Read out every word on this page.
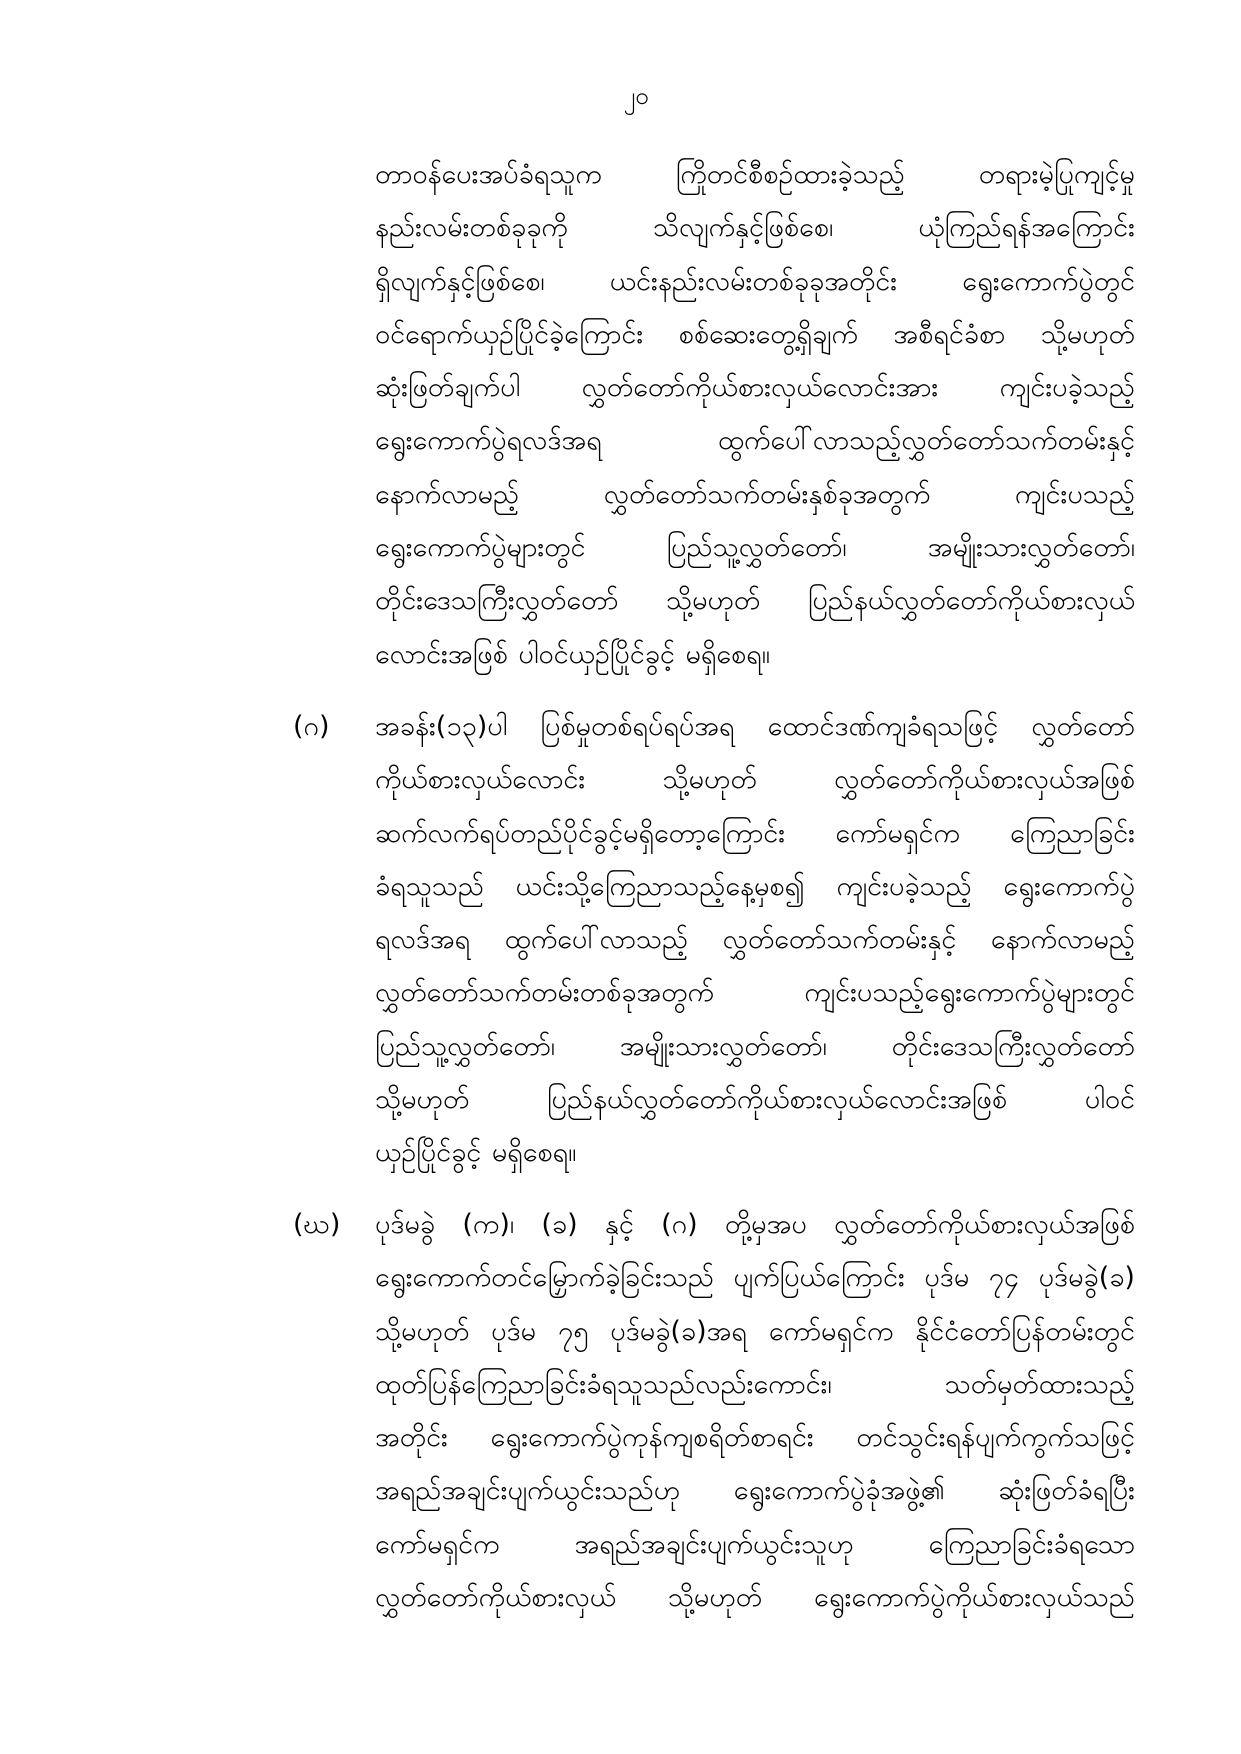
၂၀
တာဝန်ပေးအပ်ခံရသူက	ကြိုတင်စီစဉ်ထားခဲ့သည့်	တရားမဲ့ပြုကျင့်မှု
နည်းလမ်းတစ်ခုခုကို	သိလျက်နှင့်ဖြစ်စေ၊	ယုံကြည်ရန်အကြောင်း
ရှိလျက်နှင့်ဖြစ်စေ၊ ယင်းနည်းလမ်းတစ်ခုခုအတိုင်း ရွေးကောက်ပွဲတွင်
ဝင်ရောက်ယှဉ်ပြိုင်ခဲ့ကြောင်း စစ်ဆေးတွေ့ရှိချက် အစီရင်ခံစာ သို့မဟုတ်
ဆုံးဖြတ်ချက်ပါ လွှတ်တော်ကိုယ်စားလှယ်လောင်းအား ကျင်းပခဲ့သည့်
ရွေးကောက်ပွဲရလဒ်အရ	ထွက်ပေါ်လာသည့်လွှတ်တော်သက်တမ်းနှင့်
နောက်လာမည့်	လွှတ်တော်သက်တမ်းနှစ်ခုအတွက်	ကျင်းပသည့်
ရွေးကောက်ပွဲများတွင်	ပြည်သူ့လွှတ်တော်၊	အမျိုးသားလွှတ်တော်၊
တိုင်းဒေသကြီးလွှတ်တော် သို့မဟုတ် ပြည်နယ်လွှတ်တော်ကိုယ်စားလှယ်
လောင်းအဖြစ် ပါဝင်ယှဉ်ပြိုင်ခွင့် မရှိစေရ။
(ဂ) အခန်း(၁၃)ပါ ပြစ်မှုတစ်ရပ်ရပ်အရ ထောင်ဒဏ်ကျခံရသဖြင့် လွှတ်တော်
ကိုယ်စားလှယ်လောင်း	သို့မဟုတ်	လွှတ်တော်ကိုယ်စားလှယ်အဖြစ်
ဆက်လက်ရပ်တည်ပိုင်ခွင့်မရှိတော့ကြောင်း ကော်မရှင်က ကြေညာခြင်း
ခံရသူသည် ယင်းသို့ကြေညာသည့်နေ့မှစ၍ ကျင်းပခဲ့သည့် ရွေးကောက်ပွဲ
ရလဒ်အရ ထွက်ပေါ်လာသည့် လွှတ်တော်သက်တမ်းနှင့် နောက်လာမည့်
လွှတ်တော်သက်တမ်းတစ်ခုအတွက်	ကျင်းပသည့်ရွေးကောက်ပွဲများတွင်
ပြည်သူ့လွှတ်တော်၊ အမျိုးသားလွှတ်တော်၊ တိုင်းဒေသကြီးလွှတ်တော်
သို့မဟုတ်	ပြည်နယ်လွှတ်တော်ကိုယ်စားလှယ်လောင်းအဖြစ်	ပါဝင်
ယှဉ်ပြိုင်ခွင့် မရှိစေရ။
(ဃ) ပုဒ်မခွဲ (က)၊ (ခ) နှင့် (ဂ) တို့မှအပ လွှတ်တော်ကိုယ်စားလှယ်အဖြစ်
ရွေးကောက်တင်မြှောက်ခဲ့ခြင်းသည် ပျက်ပြယ်ကြောင်း ပုဒ်မ ၇၄ ပုဒ်မခွဲ(ခ)
သို့မဟုတ် ပုဒ်မ ၇၅ ပုဒ်မခွဲ(ခ)အရ ကော်မရှင်က နိုင်ငံတော်ပြန်တမ်းတွင်
ထုတ်ပြန်ကြေညာခြင်းခံရသူသည်လည်းကောင်း၊	သတ်မှတ်ထားသည့်
အတိုင်း ရွေးကောက်ပွဲကုန်ကျစရိတ်စာရင်း တင်သွင်းရန်ပျက်ကွက်သဖြင့်
အရည်အချင်းပျက်ယွင်းသည်ဟု ရွေးကောက်ပွဲခုံအဖွဲ့၏ ဆုံးဖြတ်ခံရပြီး
ကော်မရှင်က	အရည်အချင်းပျက်ယွင်းသူဟု	ကြေညာခြင်းခံရသော
လွှတ်တော်ကိုယ်စားလှယ် သို့မဟုတ် ရွေးကောက်ပွဲကိုယ်စားလှယ်သည်
